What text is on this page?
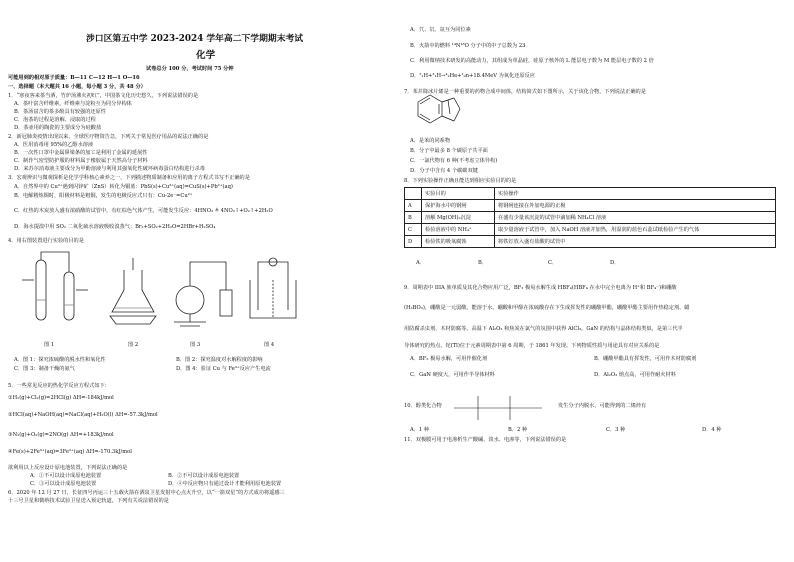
涉口区第五中学 2023-2024 学年高二下学期期末考试
化学
试卷总分 100 分，考试时间 75 分钟
可能用到的相对原子质量：B—11 C—12 H—1 O—16
一、选择题（本大题共 16 小题，每小题 3 分，共 48 分）
1．“寒夜客来茶当酒，竹炉汤沸火初红”，中国茶文化历史悠久，下列说法错误的是
A．茶叶富含纤维素，纤维素与淀粉互为同分异构体
B．茶汤富含的茶多酚具有较强的还原性
C．泡茶的过程是溶解、浸取的过程
D．茶壶用的陶瓷的主要成分为硅酸盐
2．新冠肺炎疫情出现以来，全球医疗物资告急，下列关于常见医疗用品的说法正确的是
A．医用消毒用 95%的乙醇水溶液
B．一次性口罩中金属鼻梁条的加工是利用了金属的延展性
C．制作气密型防护服的材料属于橡胶属于天然高分子材料
D．来苏尔消毒液主要成分为甲酚溶液与利用其强氧化性破坏病毒蛋白结构进行杀毒
3．宏观辨识与微观探析是化学学科核心素养之一，下列描述物质制备和应用的离子方程式书写不正确的是
A．自然界中的 Cu²⁺遇到闪锌矿（ZnS）转化为铜蓝：PbS(s)+Cu²⁺(aq)=CuS(s)+Pb²⁺(aq)
B．电解精炼铜时，阳极材料是粗铜，发生的电极反应式只有：Cu-2e⁻=Cu²⁺
C．红热的木炭放入盛有浓硝酸的试管中，有红棕色气体产生，可能发生反应：4HNO₃ ≜ 4NO₂↑+O₂↑+2H₂O
D．海水提溴中用 SO₂ 二氧化硫水溶液吸收溴蒸气：Br₂+SO₂+2H₂O=2HBr+H₂SO₄
4．用右图装置进行实验的目的是
图 1	图 2	图 3	图 4
A．图 1：探究浓硫酸的脱水性和氧化性	B．图 2：探究温度对水解程度的影响
C．图 3：制备干燥的氨气	D．图 4：验证 Cu 与 Fe³⁺反应产生电流
5．一些常见反应的热化学反应方程式如下：
①H₂(g)+Cl₂(g)=2HCl(g) ΔH=-184kJ/mol
②HCl(aq)+NaOH(aq)=NaCl(aq)+H₂O(l) ΔH=-57.3kJ/mol
③N₂(g)+O₂(g)=2NO(g) ΔH=+183kJ/mol
④Fe(s)+2Fe³⁺(aq)=3Fe²⁺(aq) ΔH=-170.3kJ/mol
欲利用以上反应设计原电池装置，下列说法正确的是
A．①不可以设计成原电池装置	B．②不可以设计成原电池装置
C．③可以设计成原电池装置	D．④中反应物只有通过设计才能利用原电池装置
6．2020 年 12 月 27 日，长征四号丙运三十五载火箭在酒泉卫星发射中心点火升空，以“一箭双星”的方式成功将遥感三
十三号卫星和微纳技术试验卫星送入预定轨道，下列有关说法错误的是
A．氕、氘、氚互为同位素
B．火箭中的燃料 ¹⁴N¹⁸O 分子中的中子总数为 23
C．利用微纳技术研发的高能动力，其组成为单晶硅，硅原子核外的 L 能层电子数为 M 能层电子数的 2 倍
D．²₁H+³₁H→⁴₂He+¹₀n+18.4MeV 为氧化还原反应
7．苯并降冰片烯是一种重要的药物合成中间体，结构简式如下图所示，关于该化合物，下列说法正确的是
A．是苯的同系物
B．分子中最多 8 个碳原子共平面
C．一氯代物有 6 种(不考虑立体异构)
D．分子中含有 4 个碳碳双键
8．下列实验操作正确且能达到相应实验目的的是
	实验目的	实验操作
A	保护海水中的钢闸	将钢闸连接在外加电源的正极
B	溶解 Mg(OH)₂沉淀	在盛有少量该沉淀的试管中滴加稀 NH₄Cl 溶液
C	检验溶液中的 NH₄⁺	取少量溶液于试管中，加入 NaOH 溶液并加热，用湿润的蓝色石蕊试纸检验产生的气体
D	检验铁的吸氧腐蚀	将铁钉放入盛有盐酸的试管中
A．	B．	C．	D．
9．周期表中 IIIA 族单质及其化合物应用广泛，BF₃ 极易水解生成 HBF₄(HBF₄ 在水中完全电离为 H⁺和 BF₄⁻)和硼酸
(H₃BO₃)，硼酸是一元弱酸，能溶于水，硼酸和甲醇在浓硫酸存在下生成挥发性的硼酸甲酯，硼酸甲酯主要用作热稳定剂、蜡
用防腐杀虫剂、木材防腐等。高温下 Al₂O₃ 和焦炭在氯气的氛围中获得 AlCl₃。GaN 的结构与晶体结构类似，是第三代半
导体研究的热点。铊(Tl)位于元素周期表中第 6 周期，于 1861 年发现。下列物质性质与用途具有对应关系的是
A．BF₃ 极易水解，可用作催化剂	B．硼酸甲酯具有挥发性，可用作木材防腐剂
C．GaN 硬度大，可用作半导体材料	D．Al₂O₃ 熔点高，可用作耐火材料
10．醇类化合物	发生分子内脱水，可能得到的二烯烃有
A．1 种	B．2 种	C．3 种	D．4 种
11．双极膜可用于电渗析生产酸碱、淡水、电渗等，下列说法错误的是
